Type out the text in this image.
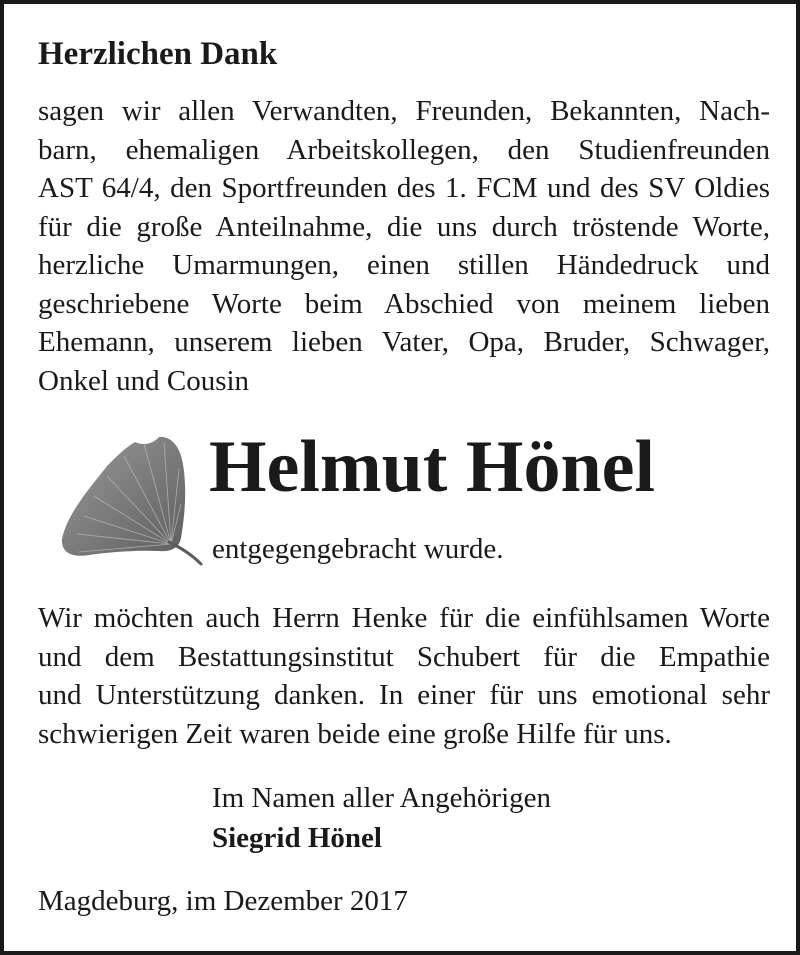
Herzlichen Dank
sagen wir allen Verwandten, Freunden, Bekannten, Nach-
barn, ehemaligen Arbeitskollegen, den Studienfreunden
AST 64/4, den Sportfreunden des 1. FCM und des SV Oldies
für die große Anteilnahme, die uns durch tröstende Worte,
herzliche Umarmungen, einen stillen Händedruck und
geschriebene Worte beim Abschied von meinem lieben
Ehemann, unserem lieben Vater, Opa, Bruder, Schwager,
Onkel und Cousin
Helmut Hönel
entgegengebracht wurde.
Wir möchten auch Herrn Henke für die einfühlsamen Worte
und dem Bestattungsinstitut Schubert für die Empathie
und Unterstützung danken. In einer für uns emotional sehr
schwierigen Zeit waren beide eine große Hilfe für uns.
Im Namen aller Angehörigen
Siegrid Hönel
Magdeburg, im Dezember 2017
